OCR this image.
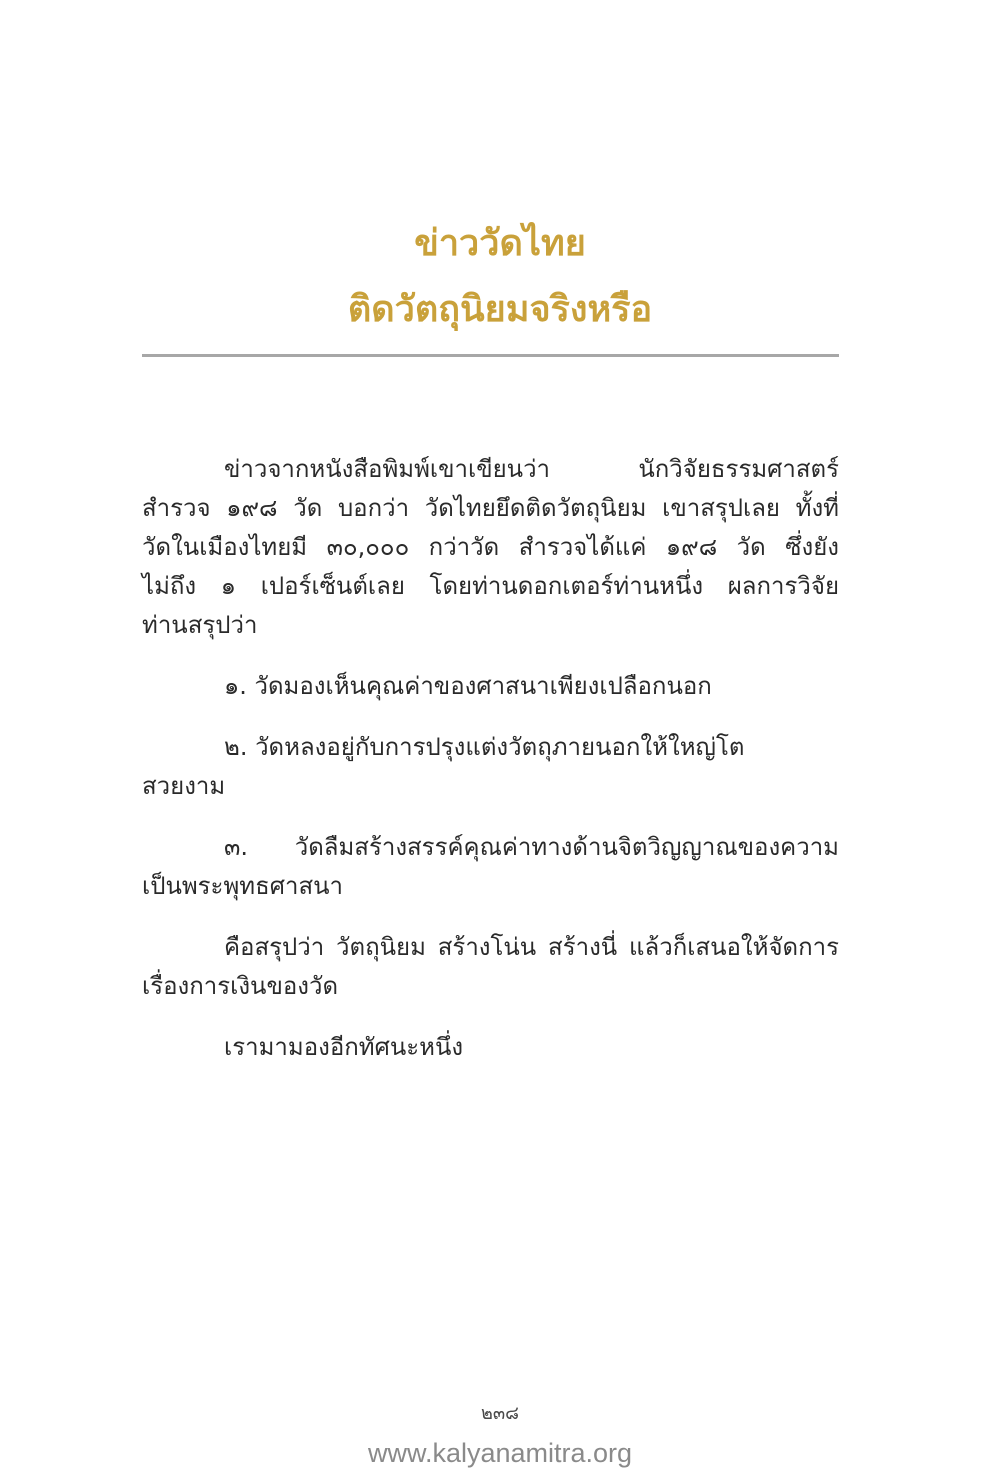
ข่าววัดไทย
ติดวัตถุนิยมจริงหรือ
ข่าวจากหนังสือพิมพ์เขาเขียนว่า นักวิจัยธรรมศาสตร์
สำรวจ ๑๙๘ วัด บอกว่า วัดไทยยึดติดวัตถุนิยม เขาสรุปเลย ทั้งที่
วัดในเมืองไทยมี ๓๐,๐๐๐ กว่าวัด สำรวจได้แค่ ๑๙๘ วัด ซึ่งยัง
ไม่ถึง ๑ เปอร์เซ็นต์เลย โดยท่านดอกเตอร์ท่านหนึ่ง ผลการวิจัย
ท่านสรุปว่า
๑. วัดมองเห็นคุณค่าของศาสนาเพียงเปลือกนอก
๒. วัดหลงอยู่กับการปรุงแต่งวัตถุภายนอกให้ใหญ่โต
สวยงาม
๓. วัดลืมสร้างสรรค์คุณค่าทางด้านจิตวิญญาณของความ
เป็นพระพุทธศาสนา
คือสรุปว่า วัตถุนิยม สร้างโน่น สร้างนี่ แล้วก็เสนอให้จัดการ
เรื่องการเงินของวัด
เรามามองอีกทัศนะหนึ่ง
๒๓๘
www.kalyanamitra.org
